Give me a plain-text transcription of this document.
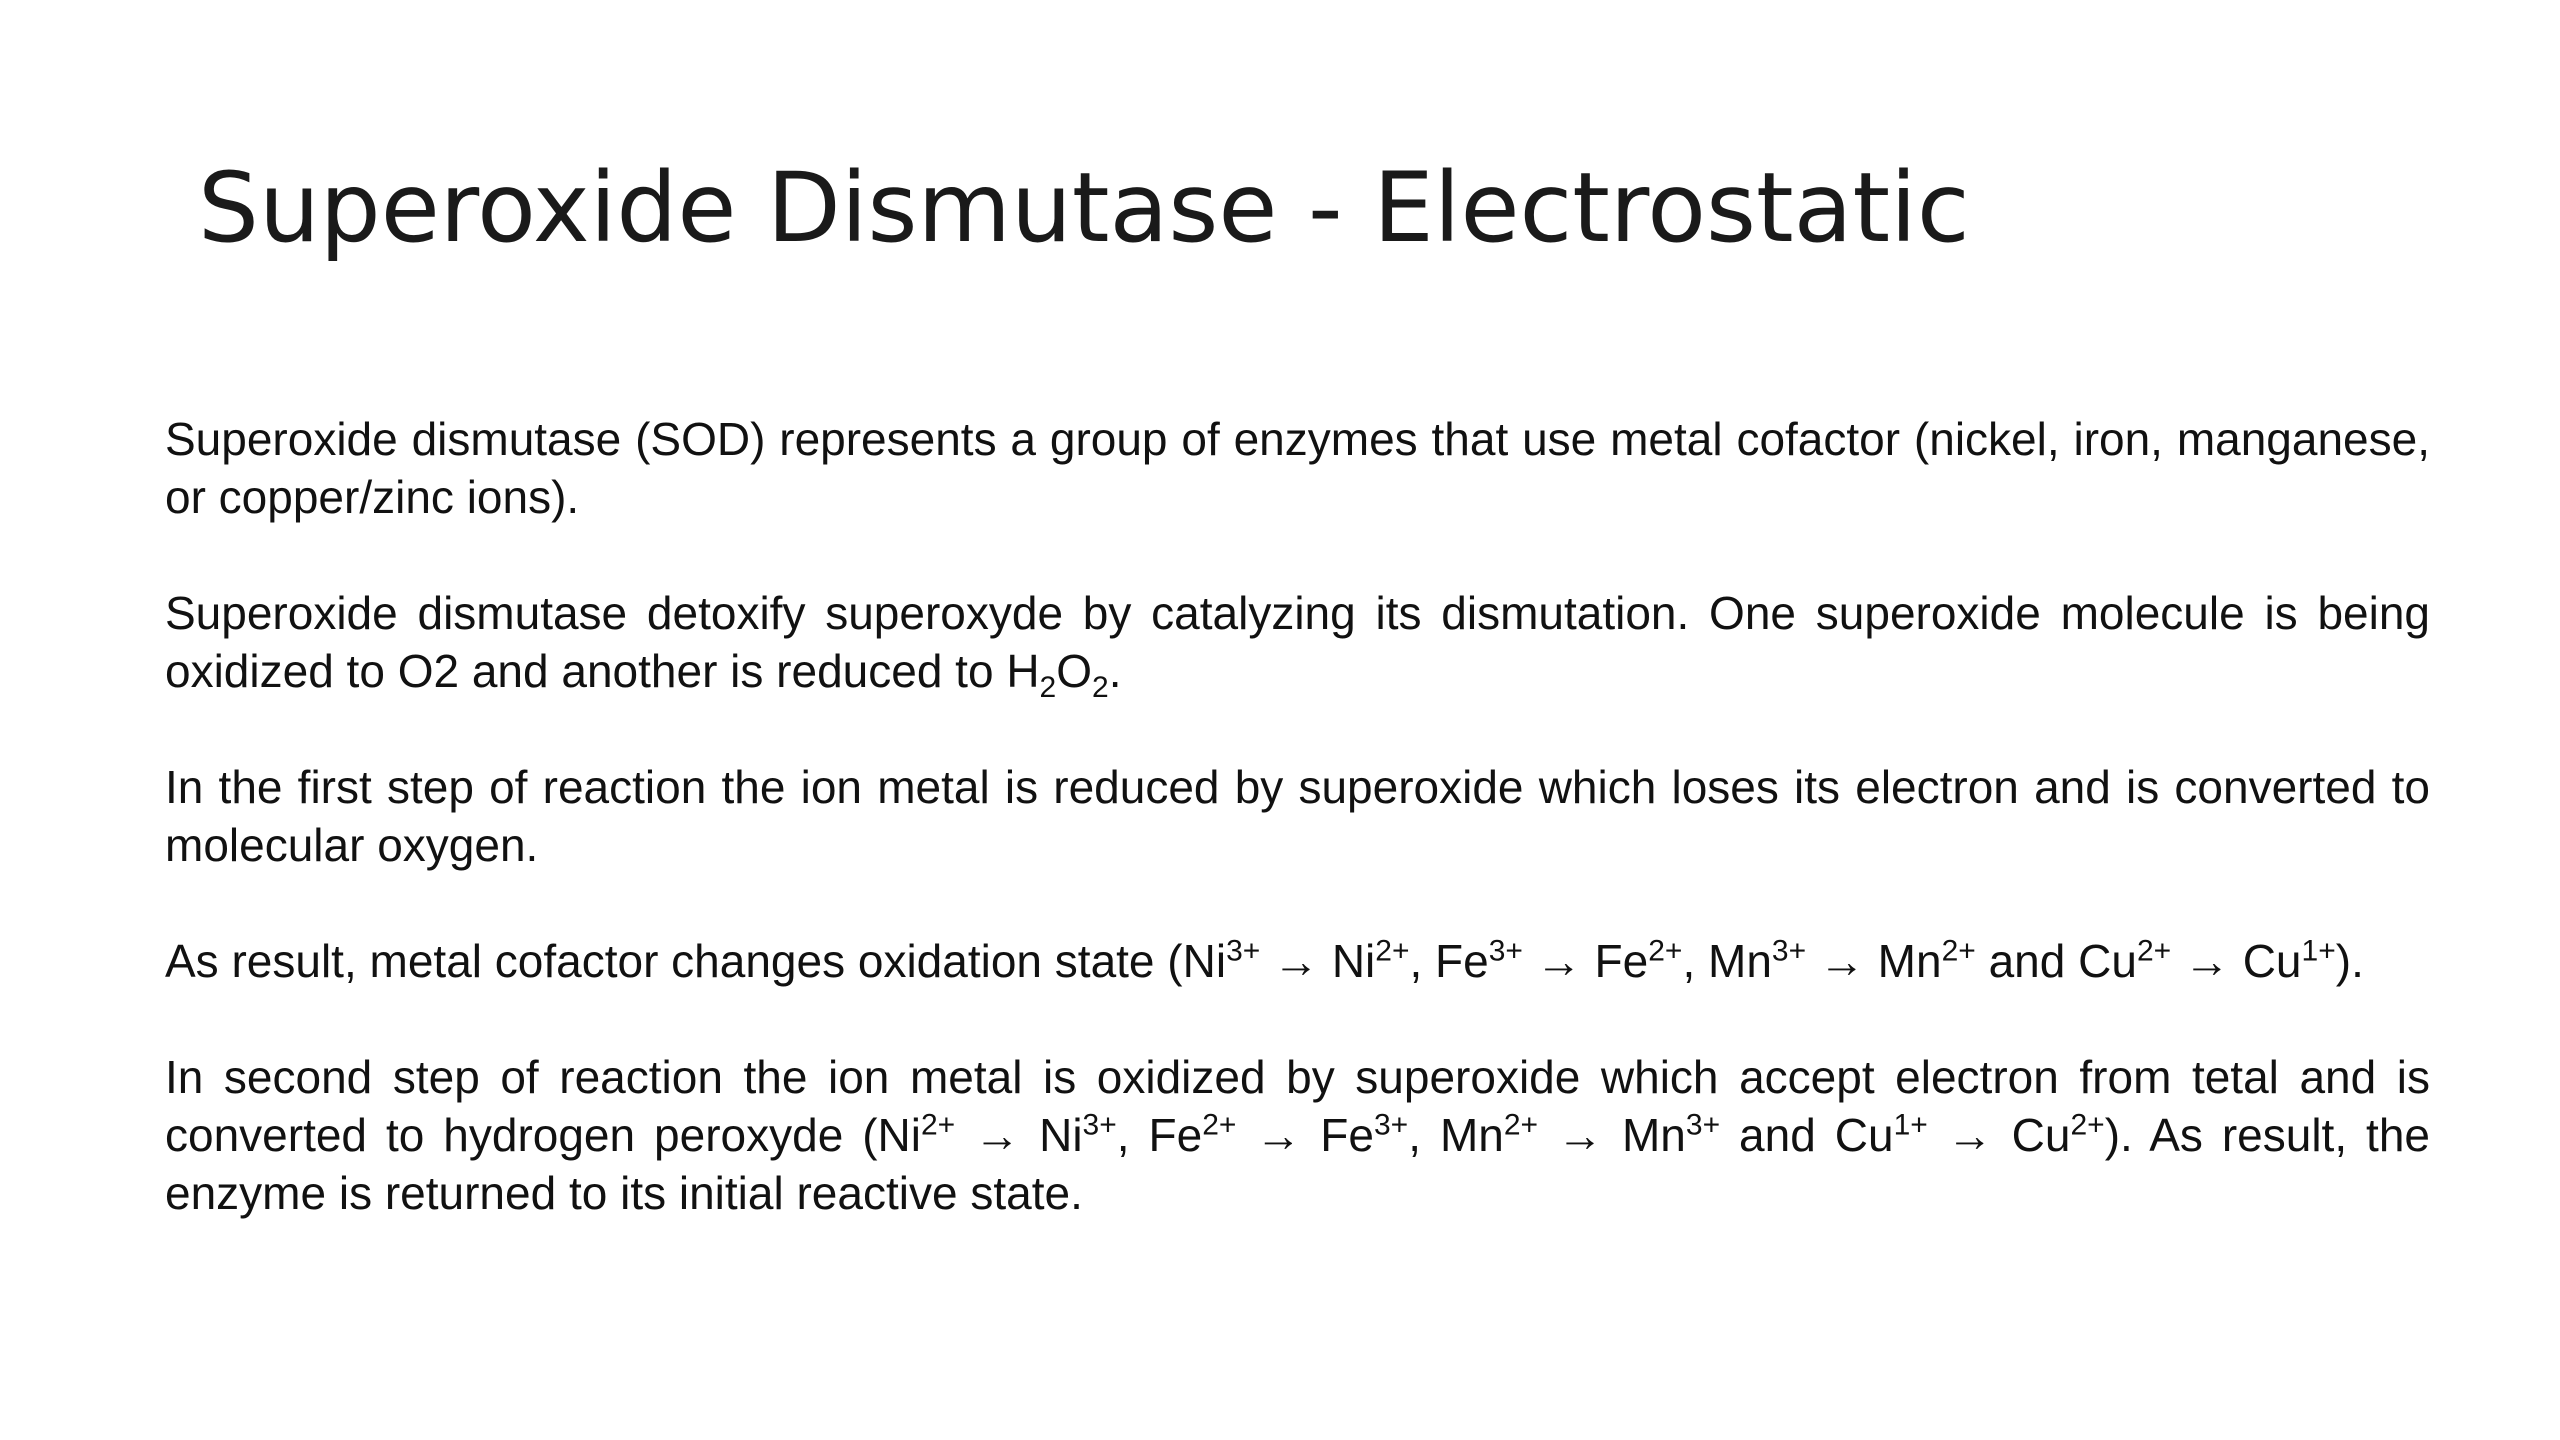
Superoxide Dismutase - Electrostatic

Superoxide dismutase (SOD) represents a group of enzymes that use metal cofactor (nickel, iron, manganese, or copper/zinc ions).

Superoxide dismutase detoxify superoxyde by catalyzing its dismutation. One superoxide molecule is being oxidized to O2 and another is reduced to $H_2O_2$.

In the first step of reaction the ion metal is reduced by superoxide which loses its electron and is converted to molecular oxygen.

As result, metal cofactor changes oxidation state ($Ni^{3+} \to Ni^{2+}$, $Fe^{3+} \to Fe^{2+}$, $Mn^{3+} \to Mn^{2+}$ and $Cu^{2+} \to Cu^{1+}$).

In second step of reaction the ion metal is oxidized by superoxide which accept electron from tetal and is converted to hydrogen peroxyde ($Ni^{2+} \to Ni^{3+}$, $Fe^{2+} \to Fe^{3+}$, $Mn^{2+} \to Mn^{3+}$ and $Cu^{1+} \to Cu^{2+}$). As result, the enzyme is returned to its initial reactive state.
